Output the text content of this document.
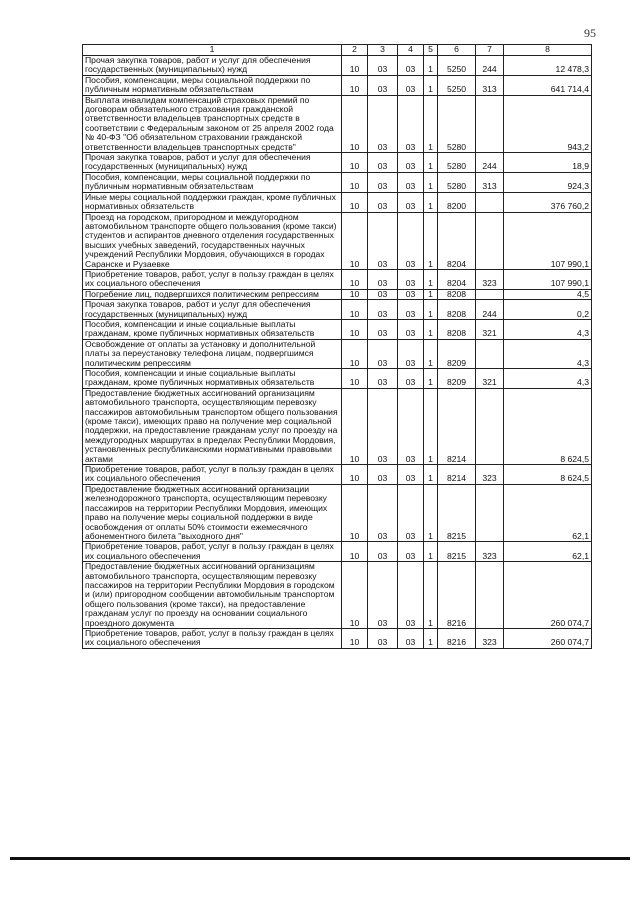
95
1	2	3	4	5	6	7	8
Прочая закупка товаров, работ и услуг для обеспечения государственных (муниципальных) нужд	10	03	03	1	5250	244	12 478,3
Пособия, компенсации, меры социальной поддержки по публичным нормативным обязательствам	10	03	03	1	5250	313	641 714,4
Выплата инвалидам компенсаций страховых премий по договорам обязательного страхования гражданской ответственности владельцев транспортных средств в соответствии с Федеральным законом от 25 апреля 2002 года № 40-ФЗ "Об обязательном страховании гражданской ответственности владельцев транспортных средств"	10	03	03	1	5280		943,2
Прочая закупка товаров, работ и услуг для обеспечения государственных (муниципальных) нужд	10	03	03	1	5280	244	18,9
Пособия, компенсации, меры социальной поддержки по публичным нормативным обязательствам	10	03	03	1	5280	313	924,3
Иные меры социальной поддержки граждан, кроме публичных нормативных обязательств	10	03	03	1	8200		376 760,2
Проезд на городском, пригородном и междугородном автомобильном транспорте общего пользования (кроме такси) студентов и аспирантов дневного отделения государственных высших учебных заведений, государственных научных учреждений Республики Мордовия, обучающихся в городах Саранске и Рузаевке	10	03	03	1	8204		107 990,1
Приобретение товаров, работ, услуг в пользу граждан в целях их социального обеспечения	10	03	03	1	8204	323	107 990,1
Погребение лиц, подвергшихся политическим репрессиям	10	03	03	1	8208		4,5
Прочая закупка товаров, работ и услуг для обеспечения государственных (муниципальных) нужд	10	03	03	1	8208	244	0,2
Пособия, компенсации и иные социальные выплаты гражданам, кроме публичных нормативных обязательств	10	03	03	1	8208	321	4,3
Освобождение от оплаты за установку и дополнительной платы за переустановку телефона лицам, подвергшимся политическим репрессиям	10	03	03	1	8209		4,3
Пособия, компенсации и иные социальные выплаты гражданам, кроме публичных нормативных обязательств	10	03	03	1	8209	321	4,3
Предоставление бюджетных ассигнований организациям автомобильного транспорта, осуществляющим перевозку пассажиров автомобильным транспортом общего пользования (кроме такси), имеющих право на получение мер социальной поддержки, на предоставление гражданам услуг по проезду на междугородных маршрутах в пределах Республики Мордовия, установленных республиканскими нормативными правовыми актами	10	03	03	1	8214		8 624,5
Приобретение товаров, работ, услуг в пользу граждан в целях их социального обеспечения	10	03	03	1	8214	323	8 624,5
Предоставление бюджетных ассигнований организации железнодорожного транспорта, осуществляющим перевозку пассажиров на территории Республики Мордовия, имеющих право на получение меры социальной поддержки в виде освобождения от оплаты 50% стоимости ежемесячного абонементного билета "выходного дня"	10	03	03	1	8215		62,1
Приобретение товаров, работ, услуг в пользу граждан в целях их социального обеспечения	10	03	03	1	8215	323	62,1
Предоставление бюджетных ассигнований организациям автомобильного транспорта, осуществляющим перевозку пассажиров на территории Республики Мордовия в городском и (или) пригородном сообщении автомобильным транспортом общего пользования (кроме такси), на предоставление гражданам услуг по проезду на основании социального проездного документа	10	03	03	1	8216		260 074,7
Приобретение товаров, работ, услуг в пользу граждан в целях их социального обеспечения	10	03	03	1	8216	323	260 074,7
